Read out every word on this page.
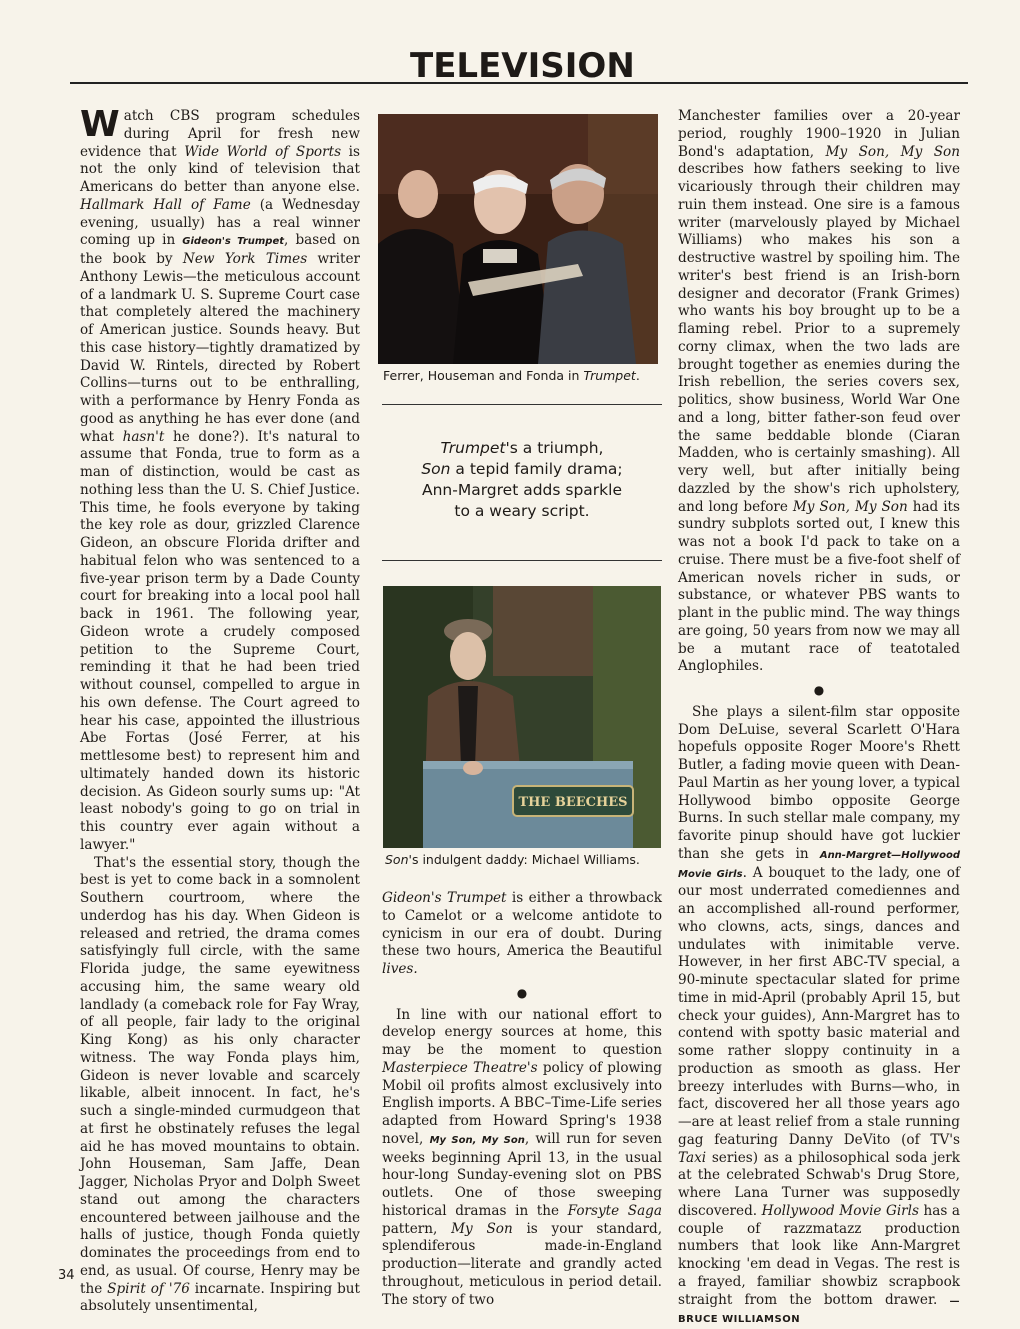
TELEVISION

Watch CBS program schedules during April for fresh new evidence that Wide World of Sports is not the only kind of television that Americans do better than anyone else. Hallmark Hall of Fame (a Wednesday evening, usually) has a real winner coming up in Gideon's Trumpet, based on the book by New York Times writer Anthony Lewis—the meticulous account of a landmark U. S. Supreme Court case that completely altered the machinery of American justice. Sounds heavy. But this case history—tightly dramatized by David W. Rintels, directed by Robert Collins—turns out to be enthralling, with a performance by Henry Fonda as good as anything he has ever done (and what hasn't he done?). It's natural to assume that Fonda, true to form as a man of distinction, would be cast as nothing less than the U. S. Chief Justice. This time, he fools everyone by taking the key role as dour, grizzled Clarence Gideon, an obscure Florida drifter and habitual felon who was sentenced to a five-year prison term by a Dade County court for breaking into a local pool hall back in 1961. The following year, Gideon wrote a crudely composed petition to the Supreme Court, reminding it that he had been tried without counsel, compelled to argue in his own defense. The Court agreed to hear his case, appointed the illustrious Abe Fortas (José Ferrer, at his mettlesome best) to represent him and ultimately handed down its historic decision. As Gideon sourly sums up: "At least nobody's going to go on trial in this country ever again without a lawyer."

That's the essential story, though the best is yet to come back in a somnolent Southern courtroom, where the underdog has his day. When Gideon is released and retried, the drama comes satisfyingly full circle, with the same Florida judge, the same eyewitness accusing him, the same weary old landlady (a comeback role for Fay Wray, of all people, fair lady to the original King Kong) as his only character witness. The way Fonda plays him, Gideon is never lovable and scarcely likable, albeit innocent. In fact, he's such a single-minded curmudgeon that at first he obstinately refuses the legal aid he has moved mountains to obtain. John Houseman, Sam Jaffe, Dean Jagger, Nicholas Pryor and Dolph Sweet stand out among the characters encountered between jailhouse and the halls of justice, though Fonda quietly dominates the proceedings from end to end, as usual. Of course, Henry may be the Spirit of '76 incarnate. Inspiring but absolutely unsentimental,

Ferrer, Houseman and Fonda in Trumpet.
Trumpet's a triumph,
Son a tepid family drama;
Ann-Margret adds sparkle
to a weary script.
THE BEECHES
Son's indulgent daddy: Michael Williams.

Gideon's Trumpet is either a throwback to Camelot or a welcome antidote to cynicism in our era of doubt. During these two hours, America the Beautiful lives.

●

In line with our national effort to develop energy sources at home, this may be the moment to question Masterpiece Theatre's policy of plowing Mobil oil profits almost exclusively into English imports. A BBC–Time-Life series adapted from Howard Spring's 1938 novel, My Son, My Son, will run for seven weeks beginning April 13, in the usual hour-long Sunday-evening slot on PBS outlets. One of those sweeping historical dramas in the Forsyte Saga pattern, My Son is your standard, splendiferous made-in-England production—literate and grandly acted throughout, meticulous in period detail. The story of two

Manchester families over a 20-year period, roughly 1900–1920 in Julian Bond's adaptation, My Son, My Son describes how fathers seeking to live vicariously through their children may ruin them instead. One sire is a famous writer (marvelously played by Michael Williams) who makes his son a destructive wastrel by spoiling him. The writer's best friend is an Irish-born designer and decorator (Frank Grimes) who wants his boy brought up to be a flaming rebel. Prior to a supremely corny climax, when the two lads are brought together as enemies during the Irish rebellion, the series covers sex, politics, show business, World War One and a long, bitter father-son feud over the same beddable blonde (Ciaran Madden, who is certainly smashing). All very well, but after initially being dazzled by the show's rich upholstery, and long before My Son, My Son had its sundry subplots sorted out, I knew this was not a book I'd pack to take on a cruise. There must be a five-foot shelf of American novels richer in suds, or substance, or whatever PBS wants to plant in the public mind. The way things are going, 50 years from now we may all be a mutant race of teatotaled Anglophiles.

●

She plays a silent-film star opposite Dom DeLuise, several Scarlett O'Hara hopefuls opposite Roger Moore's Rhett Butler, a fading movie queen with Dean-Paul Martin as her young lover, a typical Hollywood bimbo opposite George Burns. In such stellar male company, my favorite pinup should have got luckier than she gets in Ann-Margret—Hollywood Movie Girls. A bouquet to the lady, one of our most underrated comediennes and an accomplished all-round performer, who clowns, acts, sings, dances and undulates with inimitable verve. However, in her first ABC-TV special, a 90-minute spectacular slated for prime time in mid-April (probably April 15, but check your guides), Ann-Margret has to contend with spotty basic material and some rather sloppy continuity in a production as smooth as glass. Her breezy interludes with Burns—who, in fact, discovered her all those years ago—are at least relief from a stale running gag featuring Danny DeVito (of TV's Taxi series) as a philosophical soda jerk at the celebrated Schwab's Drug Store, where Lana Turner was supposedly discovered. Hollywood Movie Girls has a couple of razzmatazz production numbers that look like Ann-Margret knocking 'em dead in Vegas. The rest is a frayed, familiar showbiz scrapbook straight from the bottom drawer. —BRUCE WILLIAMSON

34
